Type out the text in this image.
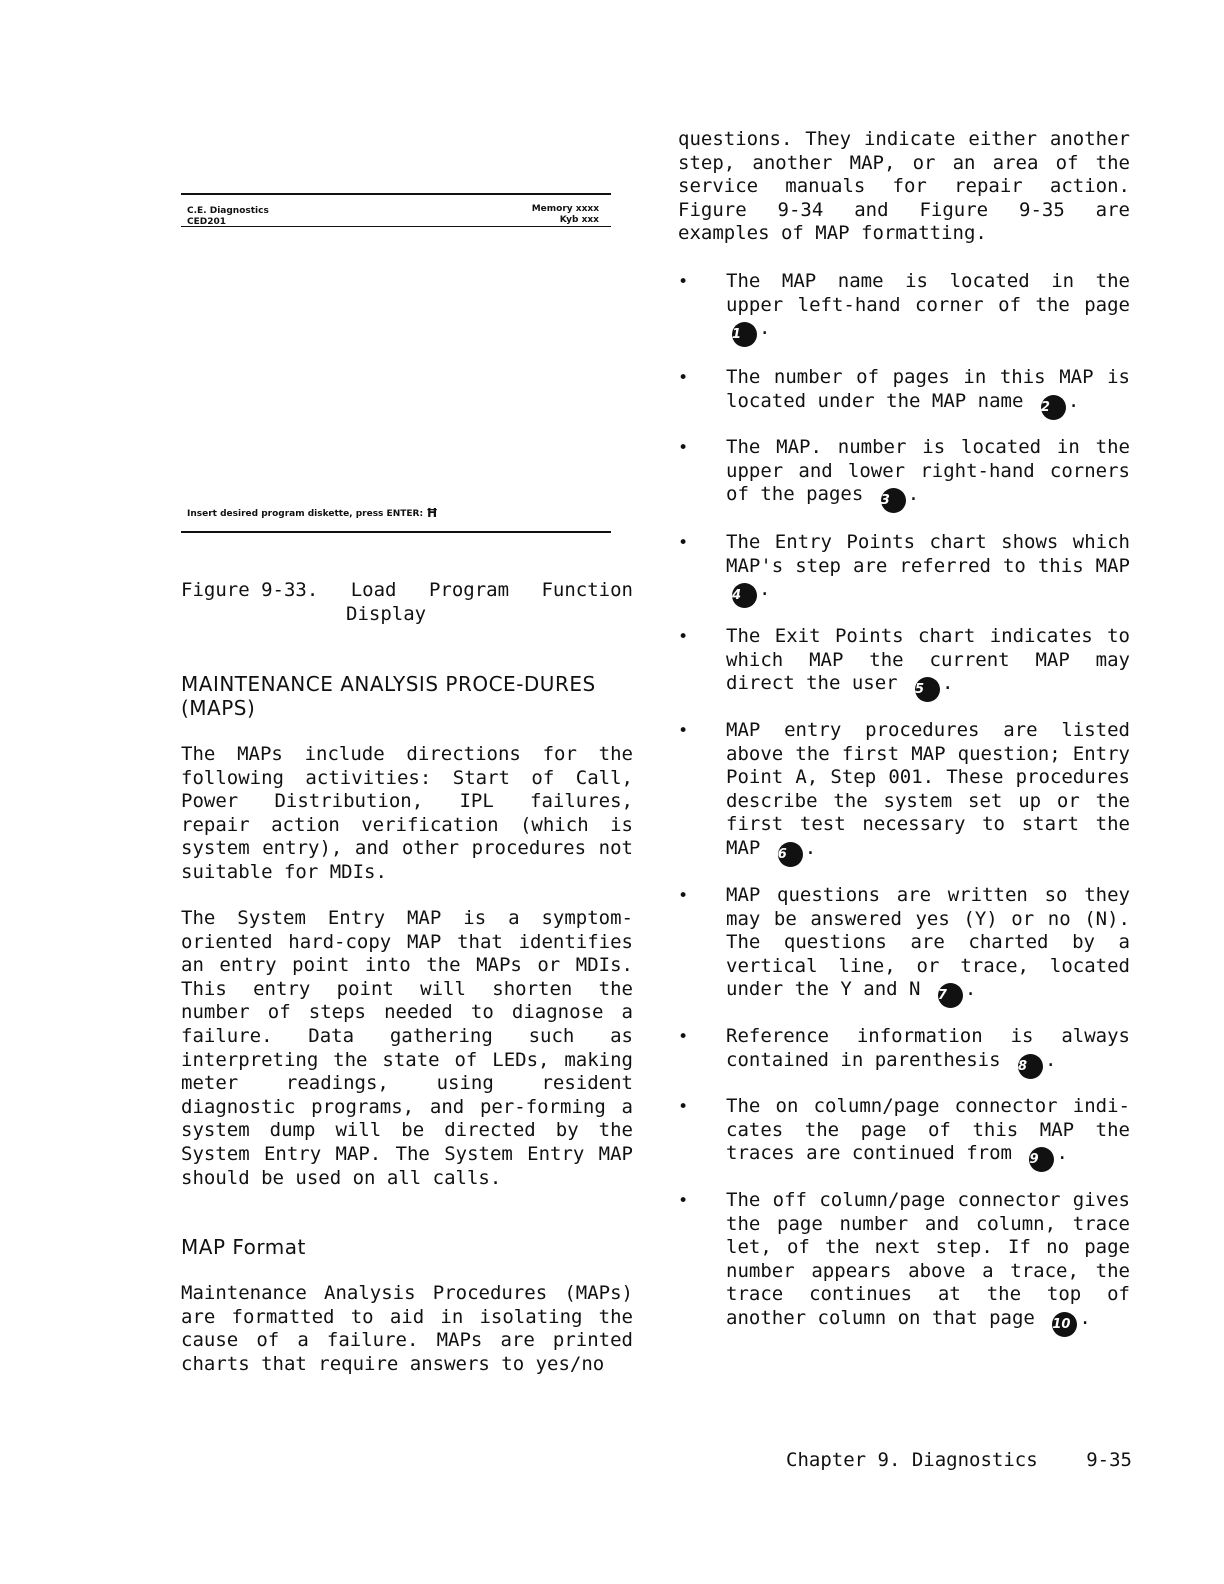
C.E. Diagnostics
CED201
Memory xxxx
Kyb xxx
Insert desired program diskette, press ENTER: Ħ
Figure 9-33. Load Program Function
Display
MAINTENANCE ANALYSIS PROCE-DURES (MAPS)
The MAPs include directions for the following activities: Start of Call, Power Distribution, IPL failures, repair action verification (which is system entry), and other procedures not suitable for MDIs.
The System Entry MAP is a symptom-oriented hard-copy MAP that identifies an entry point into the MAPs or MDIs. This entry point will shorten the number of steps needed to diagnose a failure. Data gathering such as interpreting the state of LEDs, making meter readings, using resident diagnostic programs, and per-forming a system dump will be directed by the System Entry MAP. The System Entry MAP should be used on all calls.
MAP Format
Maintenance Analysis Procedures (MAPs) are formatted to aid in isolating the cause of a failure. MAPs are printed charts that require answers to yes/no
questions. They indicate either another step, another MAP, or an area of the service manuals for repair action. Figure 9-34 and Figure 9-35 are examples of MAP formatting.
• The MAP name is located in the upper left-hand corner of the page 1 .
• The number of pages in this MAP is located under the MAP name 2 .
• The MAP. number is located in the upper and lower right-hand corners of the pages 3 .
• The Entry Points chart shows which MAP's step are referred to this MAP 4 .
• The Exit Points chart indicates to which MAP the current MAP may direct the user 5 .
• MAP entry procedures are listed above the first MAP question; Entry Point A, Step 001. These procedures describe the system set up or the first test necessary to start the MAP 6 .
• MAP questions are written so they may be answered yes (Y) or no (N). The questions are charted by a vertical line, or trace, located under the Y and N 7 .
• Reference information is always contained in parenthesis 8 .
• The on column/page connector indi-cates the page of this MAP the traces are continued from 9 .
• The off column/page connector gives the page number and column, trace let, of the next step. If no page number appears above a trace, the trace continues at the top of another column on that page 10 .
Chapter 9. Diagnostics	9-35
